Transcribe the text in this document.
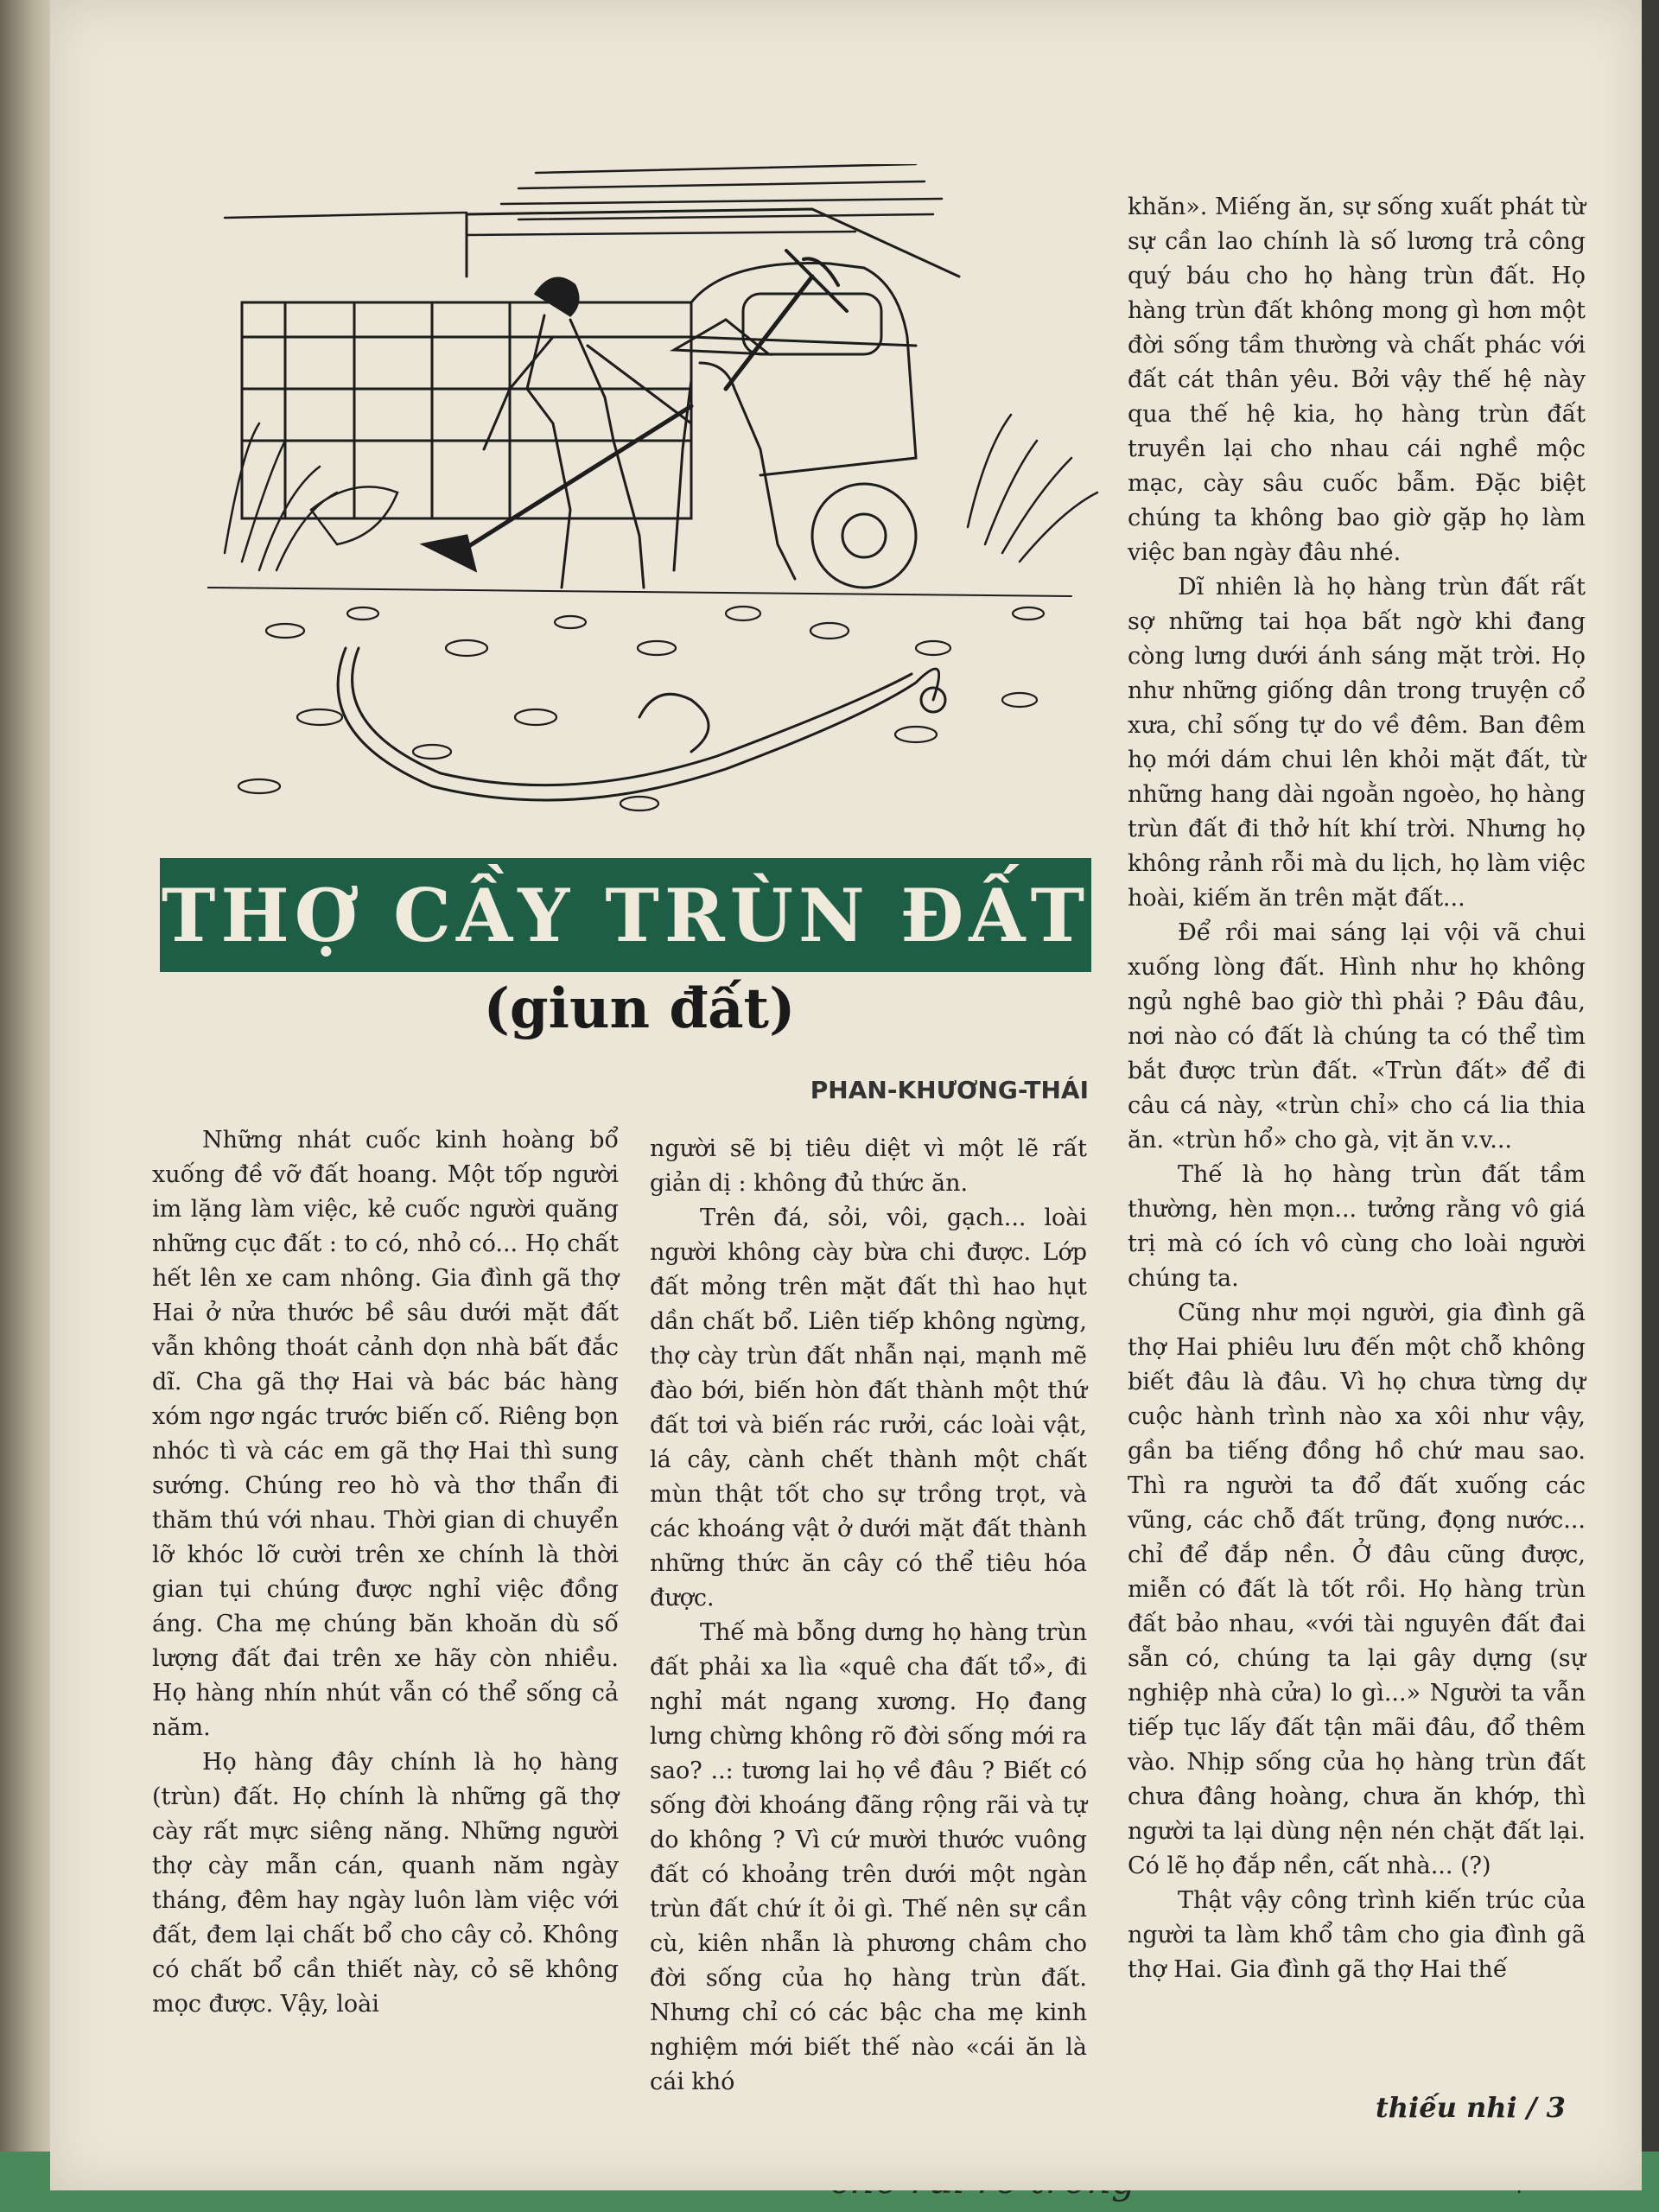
THỢ CẦY TRÙN ĐẤT
(giun đất)
PHAN-KHƯƠNG-THÁI

Những nhát cuốc kinh hoàng bổ xuống đề vỡ đất hoang. Một tốp người im lặng làm việc, kẻ cuốc người quăng những cục đất : to có, nhỏ có... Họ chất hết lên xe cam nhông. Gia đình gã thợ Hai ở nửa thước bề sâu dưới mặt đất vẫn không thoát cảnh dọn nhà bất đắc dĩ. Cha gã thợ Hai và bác bác hàng xóm ngơ ngác trước biến cố. Riêng bọn nhóc tì và các em gã thợ Hai thì sung sướng. Chúng reo hò và thơ thẩn đi thăm thú với nhau. Thời gian di chuyển lỡ khóc lỡ cười trên xe chính là thời gian tụi chúng được nghỉ việc đồng áng. Cha mẹ chúng băn khoăn dù số lượng đất đai trên xe hãy còn nhiều. Họ hàng nhín nhút vẫn có thể sống cả năm.

Họ hàng đây chính là họ hàng (trùn) đất. Họ chính là những gã thợ cày rất mực siêng năng. Những người thợ cày mẫn cán, quanh năm ngày tháng, đêm hay ngày luôn làm việc với đất, đem lại chất bổ cho cây cỏ. Không có chất bổ cần thiết này, cỏ sẽ không mọc được. Vậy, loài

người sẽ bị tiêu diệt vì một lẽ rất giản dị : không đủ thức ăn.

Trên đá, sỏi, vôi, gạch... loài người không cày bừa chi được. Lớp đất mỏng trên mặt đất thì hao hụt dần chất bổ. Liên tiếp không ngừng, thợ cày trùn đất nhẫn nại, mạnh mẽ đào bới, biến hòn đất thành một thứ đất tơi và biến rác rưởi, các loài vật, lá cây, cành chết thành một chất mùn thật tốt cho sự trồng trọt, và các khoáng vật ở dưới mặt đất thành những thức ăn cây có thể tiêu hóa được.

Thế mà bỗng dưng họ hàng trùn đất phải xa lìa «quê cha đất tổ», đi nghỉ mát ngang xương. Họ đang lưng chừng không rõ đời sống mới ra sao? ..: tương lai họ về đâu ? Biết có sống đời khoáng đãng rộng rãi và tự do không ? Vì cứ mười thước vuông đất có khoảng trên dưới một ngàn trùn đất chứ ít ỏi gì. Thế nên sự cần cù, kiên nhẫn là phương châm cho đời sống của họ hàng trùn đất. Nhưng chỉ có các bậc cha mẹ kinh nghiệm mới biết thế nào «cái ăn là cái khó

khăn». Miếng ăn, sự sống xuất phát từ sự cần lao chính là số lương trả công quý báu cho họ hàng trùn đất. Họ hàng trùn đất không mong gì hơn một đời sống tầm thường và chất phác với đất cát thân yêu. Bởi vậy thế hệ này qua thế hệ kia, họ hàng trùn đất truyền lại cho nhau cái nghề mộc mạc, cày sâu cuốc bẫm. Đặc biệt chúng ta không bao giờ gặp họ làm việc ban ngày đâu nhé.

Dĩ nhiên là họ hàng trùn đất rất sợ những tai họa bất ngờ khi đang còng lưng dưới ánh sáng mặt trời. Họ như những giống dân trong truyện cổ xưa, chỉ sống tự do về đêm. Ban đêm họ mới dám chui lên khỏi mặt đất, từ những hang dài ngoằn ngoèo, họ hàng trùn đất đi thở hít khí trời. Nhưng họ không rảnh rỗi mà du lịch, họ làm việc hoài, kiếm ăn trên mặt đất...

Để rồi mai sáng lại vội vã chui xuống lòng đất. Hình như họ không ngủ nghê bao giờ thì phải ? Đâu đâu, nơi nào có đất là chúng ta có thể tìm bắt được trùn đất. «Trùn đất» để đi câu cá này, «trùn chỉ» cho cá lia thia ăn. «trùn hổ» cho gà, vịt ăn v.v...

Thế là họ hàng trùn đất tầm thường, hèn mọn... tưởng rằng vô giá trị mà có ích vô cùng cho loài người chúng ta.

Cũng như mọi người, gia đình gã thợ Hai phiêu lưu đến một chỗ không biết đâu là đâu. Vì họ chưa từng dự cuộc hành trình nào xa xôi như vậy, gần ba tiếng đồng hồ chứ mau sao. Thì ra người ta đổ đất xuống các vũng, các chỗ đất trũng, đọng nước... chỉ để đắp nền. Ở đâu cũng được, miễn có đất là tốt rồi. Họ hàng trùn đất bảo nhau, «với tài nguyên đất đai sẵn có, chúng ta lại gây dựng (sự nghiệp nhà cửa) lo gì...» Người ta vẫn tiếp tục lấy đất tận mãi đâu, đổ thêm vào. Nhịp sống của họ hàng trùn đất chưa đâng hoàng, chưa ăn khớp, thì người ta lại dùng nện nén chặt đất lại. Có lẽ họ đắp nền, cất nhà... (?)

Thật vậy công trình kiến trúc của người ta làm khổ tâm cho gia đình gã thợ Hai. Gia đình gã thợ Hai thế

thiếu nhi / 3
